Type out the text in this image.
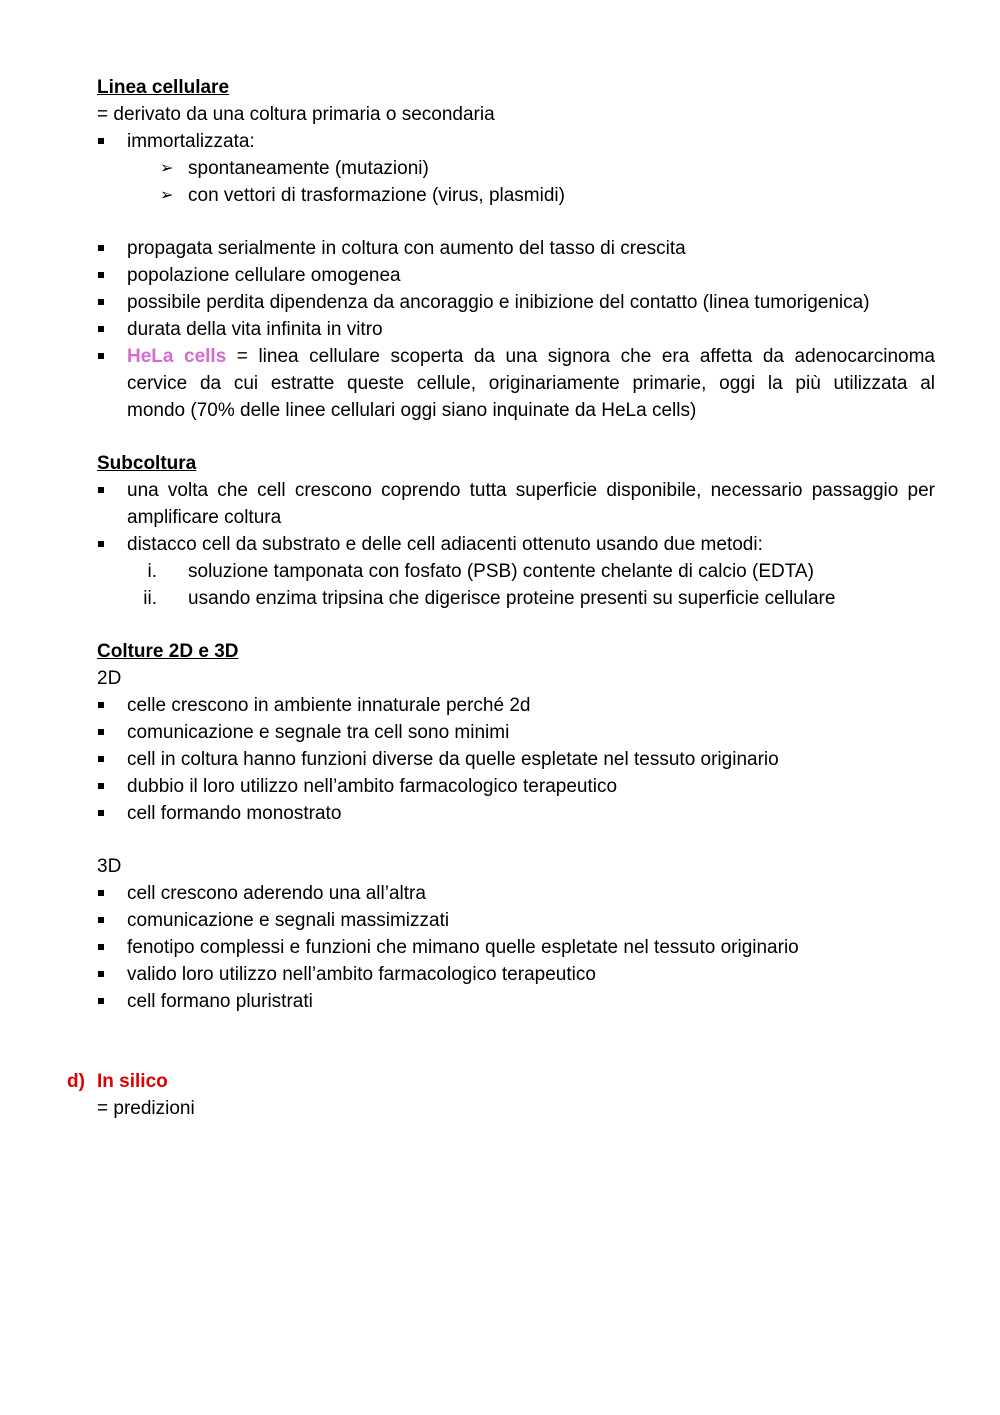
Linea cellulare
= derivato da una coltura primaria o secondaria
immortalizzata:
➢ spontaneamente (mutazioni)
➢ con vettori di trasformazione (virus, plasmidi)
propagata serialmente in coltura con aumento del tasso di crescita
popolazione cellulare omogenea
possibile perdita dipendenza da ancoraggio e inibizione del contatto (linea tumorigenica)
durata della vita infinita in vitro
HeLa cells = linea cellulare scoperta da una signora che era affetta da adenocarcinoma
cervice da cui estratte queste cellule, originariamente primarie, oggi la più utilizzata al
mondo (70% delle linee cellulari oggi siano inquinate da HeLa cells)
Subcoltura
una volta che cell crescono coprendo tutta superficie disponibile, necessario passaggio per
amplificare coltura
distacco cell da substrato e delle cell adiacenti ottenuto usando due metodi:
i. soluzione tamponata con fosfato (PSB) contente chelante di calcio (EDTA)
ii. usando enzima tripsina che digerisce proteine presenti su superficie cellulare
Colture 2D e 3D
2D
celle crescono in ambiente innaturale perché 2d
comunicazione e segnale tra cell sono minimi
cell in coltura hanno funzioni diverse da quelle espletate nel tessuto originario
dubbio il loro utilizzo nell’ambito farmacologico terapeutico
cell formando monostrato
3D
cell crescono aderendo una all’altra
comunicazione e segnali massimizzati
fenotipo complessi e funzioni che mimano quelle espletate nel tessuto originario
valido loro utilizzo nell’ambito farmacologico terapeutico
cell formano pluristrati
d) In silico
= predizioni
